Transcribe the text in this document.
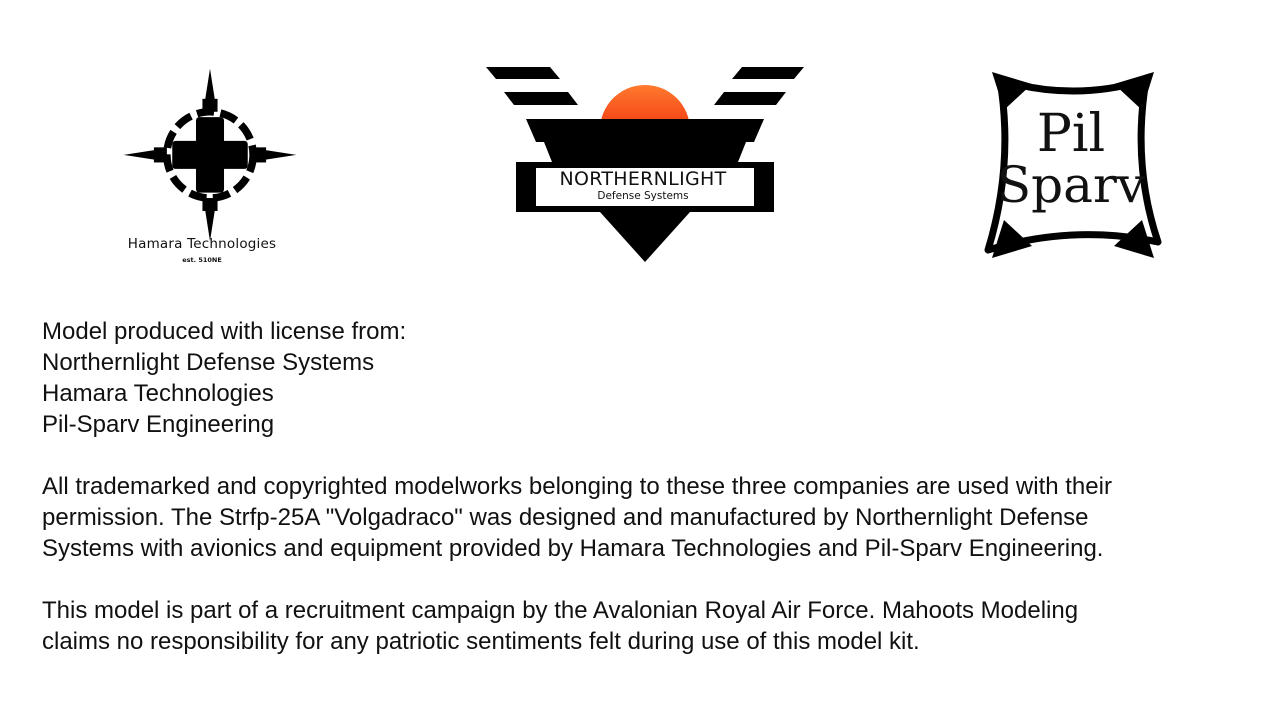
Hamara Technologies
est. 510NE
NORTHERNLIGHT
Defense Systems
Pil
Sparv
Model produced with license from:
Northernlight Defense Systems
Hamara Technologies
Pil-Sparv Engineering
All trademarked and copyrighted modelworks belonging to these three companies are used with their
permission. The Strfp-25A "Volgadraco" was designed and manufactured by Northernlight Defense
Systems with avionics and equipment provided by Hamara Technologies and Pil-Sparv Engineering.
This model is part of a recruitment campaign by the Avalonian Royal Air Force. Mahoots Modeling
claims no responsibility for any patriotic sentiments felt during use of this model kit.
